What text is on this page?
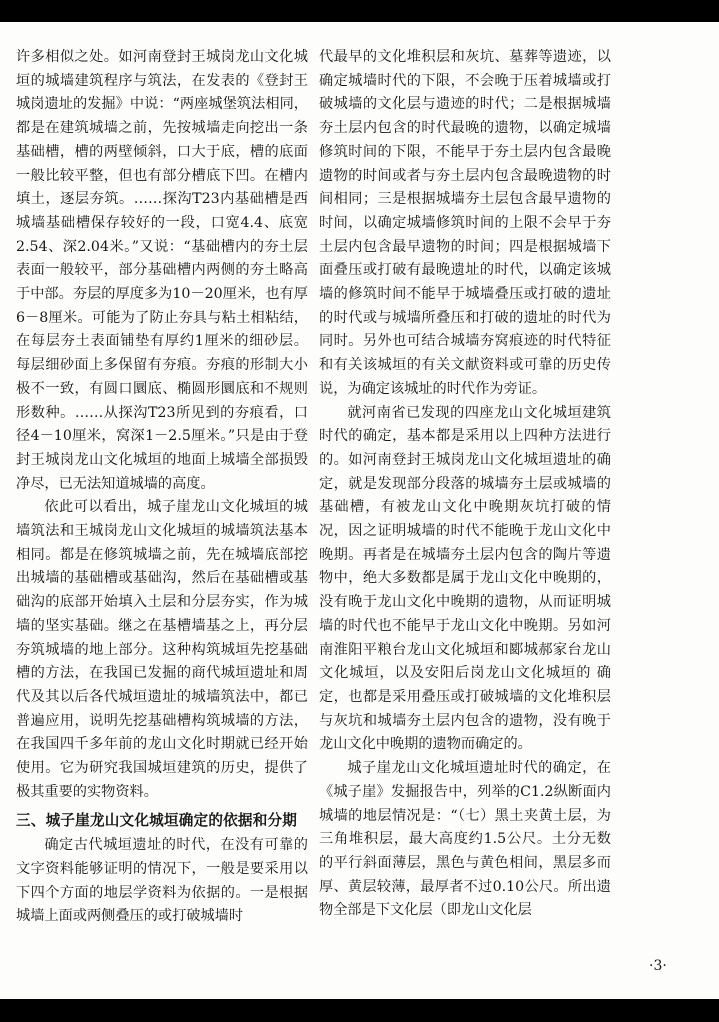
许多相似之处。如河南登封王城岗龙山文化城垣的城墙建筑程序与筑法，在发表的《登封王城岗遗址的发掘》中说：“两座城堡筑法相同，都是在建筑城墙之前，先按城墙走向挖出一条基础槽，槽的两壁倾斜，口大于底，槽的底面一般比较平整，但也有部分槽底下凹。在槽内填土，逐层夯筑。……探沟T23内基础槽是西城墙基础槽保存较好的一段，口宽4.4、底宽2.54、深2.04米。”又说：“基础槽内的夯土层表面一般较平，部分基础槽内两侧的夯土略高于中部。夯层的厚度多为10－20厘米，也有厚6－8厘米。可能为了防止夯具与粘土相粘结，在每层夯土表面铺垫有厚约1厘米的细砂层。每层细砂面上多保留有夯痕。夯痕的形制大小极不一致，有圆口圜底、椭圆形圜底和不规则形数种。……从探沟T23所见到的夯痕看，口径4－10厘米，窝深1－2.5厘米。”只是由于登封王城岗龙山文化城垣的地面上城墙全部损毁净尽，已无法知道城墙的高度。

依此可以看出，城子崖龙山文化城垣的城墙筑法和王城岗龙山文化城垣的城墙筑法基本相同。都是在修筑城墙之前，先在城墙底部挖出城墙的基础槽或基础沟，然后在基础槽或基础沟的底部开始填入土层和分层夯实，作为城墙的坚实基础。继之在基槽墙基之上，再分层夯筑城墙的地上部分。这种构筑城垣先挖基础槽的方法，在我国已发掘的商代城垣遗址和周代及其以后各代城垣遗址的城墙筑法中，都已普遍应用，说明先挖基础槽构筑城墙的方法，在我国四千多年前的龙山文化时期就已经开始使用。它为研究我国城垣建筑的历史，提供了极其重要的实物资料。

三、城子崖龙山文化城垣确定的依据和分期

确定古代城垣遗址的时代，在没有可靠的文字资料能够证明的情况下，一般是要采用以下四个方面的地层学资料为依据的。一是根据城墙上面或两侧叠压的或打破城墙时

代最早的文化堆积层和灰坑、墓葬等遗迹，以确定城墙时代的下限，不会晚于压着城墙或打破城墙的文化层与遗迹的时代；二是根据城墙夯土层内包含的时代最晚的遗物，以确定城墙修筑时间的下限，不能早于夯土层内包含最晚遗物的时间或者与夯土层内包含最晚遗物的时间相同；三是根据城墙夯土层包含最早遗物的时间，以确定城墙修筑时间的上限不会早于夯土层内包含最早遗物的时间；四是根据城墙下面叠压或打破有最晚遗址的时代，以确定该城墙的修筑时间不能早于城墙叠压或打破的遗址的时代或与城墙所叠压和打破的遗址的时代为同时。另外也可结合城墙夯窝痕迹的时代特征和有关该城垣的有关文献资料或可靠的历史传说，为确定该城址的时代作为旁证。

就河南省已发现的四座龙山文化城垣建筑时代的确定，基本都是采用以上四种方法进行的。如河南登封王城岗龙山文化城垣遗址的确定，就是发现部分段落的城墙夯土层或城墙的基础槽，有被龙山文化中晚期灰坑打破的情况，因之证明城墙的时代不能晚于龙山文化中晚期。再者是在城墙夯土层内包含的陶片等遗物中，绝大多数都是属于龙山文化中晚期的，没有晚于龙山文化中晚期的遗物，从而证明城墙的时代也不能早于龙山文化中晚期。另如河南淮阳平粮台龙山文化城垣和郾城郝家台龙山文化城垣，以及安阳后岗龙山文化城垣的 确定，也都是采用叠压或打破城墙的文化堆积层与灰坑和城墙夯土层内包含的遗物，没有晚于龙山文化中晚期的遗物而确定的。

城子崖龙山文化城垣遗址时代的确定，在《城子崖》发掘报告中，列举的C1.2纵断面内城墙的地层情况是：“（七）黑土夹黄土层，为三角堆积层，最大高度约1.5公尺。土分无数的平行斜面薄层，黑色与黄色相间，黑层多而厚、黄层较薄，最厚者不过0.10公尺。所出遗物全部是下文化层（即龙山文化层

·3·
